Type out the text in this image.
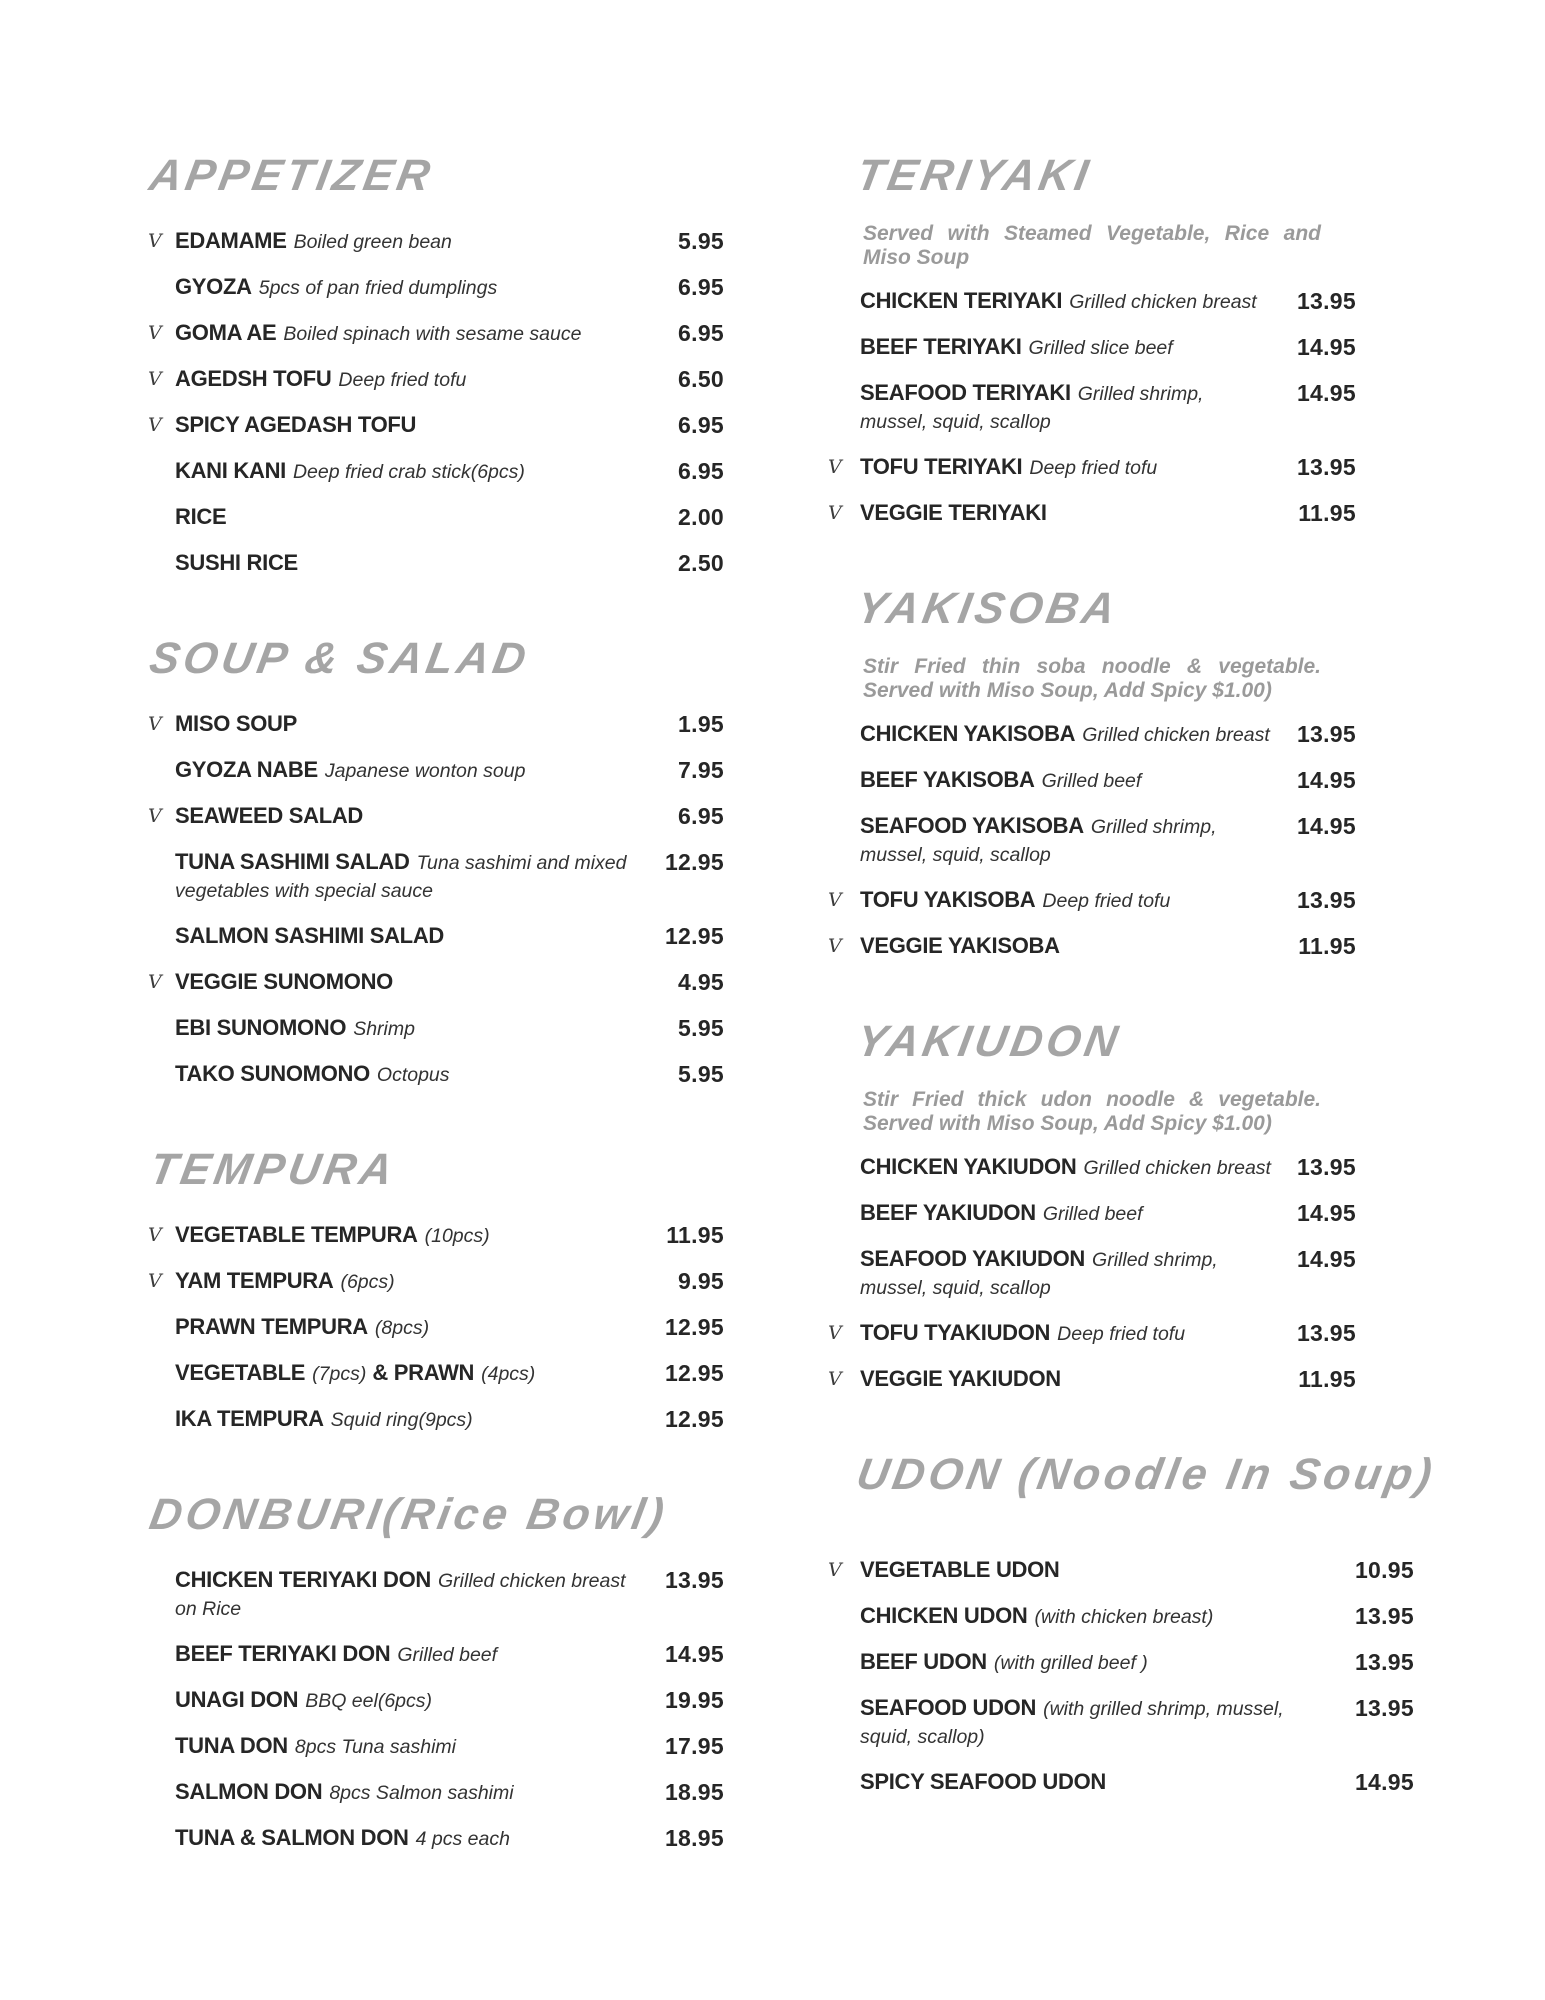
APPETIZER
V EDAMAME Boiled green bean	5.95
GYOZA 5pcs of pan fried dumplings	6.95
V GOMA AE Boiled spinach with sesame sauce	6.95
V AGEDSH TOFU Deep fried tofu	6.50
V SPICY AGEDASH TOFU	6.95
KANI KANI Deep fried crab stick(6pcs)	6.95
RICE	2.00
SUSHI RICE	2.50
SOUP & SALAD
V MISO SOUP	1.95
GYOZA NABE Japanese wonton soup	7.95
V SEAWEED SALAD	6.95
TUNA SASHIMI SALAD Tuna sashimi and mixed vegetables with special sauce
12.95
SALMON SASHIMI SALAD	12.95
V VEGGIE SUNOMONO	4.95
EBI SUNOMONO Shrimp	5.95
TAKO SUNOMONO Octopus	5.95
TEMPURA
V VEGETABLE TEMPURA (10pcs)	11.95
V YAM TEMPURA (6pcs)	9.95
PRAWN TEMPURA (8pcs)	12.95
VEGETABLE (7pcs) & PRAWN (4pcs)	12.95
IKA TEMPURA Squid ring(9pcs)	12.95
DONBURI(Rice Bowl)
CHICKEN TERIYAKI DON Grilled chicken breast on Rice
13.95
BEEF TERIYAKI DON Grilled beef	14.95
UNAGI DON BBQ eel(6pcs)	19.95
TUNA DON 8pcs Tuna sashimi	17.95
SALMON DON 8pcs Salmon sashimi	18.95
TUNA & SALMON DON 4 pcs each	18.95
TERIYAKI

Served with Steamed Vegetable, Rice and Miso Soup

CHICKEN TERIYAKI Grilled chicken breast	13.95
BEEF TERIYAKI Grilled slice beef	14.95
SEAFOOD TERIYAKI Grilled shrimp, mussel, squid, scallop
14.95
V TOFU TERIYAKI Deep fried tofu	13.95
V VEGGIE TERIYAKI	11.95
YAKISOBA

Stir Fried thin soba noodle & vegetable. Served with Miso Soup, Add Spicy $1.00)

CHICKEN YAKISOBA Grilled chicken breast	13.95
BEEF YAKISOBA Grilled beef	14.95
SEAFOOD YAKISOBA Grilled shrimp, mussel, squid, scallop
14.95
V TOFU YAKISOBA Deep fried tofu	13.95
V VEGGIE YAKISOBA	11.95
YAKIUDON

Stir Fried thick udon noodle & vegetable. Served with Miso Soup, Add Spicy $1.00)

CHICKEN YAKIUDON Grilled chicken breast	13.95
BEEF YAKIUDON Grilled beef	14.95
SEAFOOD YAKIUDON Grilled shrimp, mussel, squid, scallop
14.95
V TOFU TYAKIUDON Deep fried tofu	13.95
V VEGGIE YAKIUDON	11.95
UDON (Noodle In Soup)
V VEGETABLE UDON	10.95
CHICKEN UDON (with chicken breast)	13.95
BEEF UDON (with grilled beef )	13.95
SEAFOOD UDON (with grilled shrimp, mussel, squid, scallop)
13.95
SPICY SEAFOOD UDON	14.95
